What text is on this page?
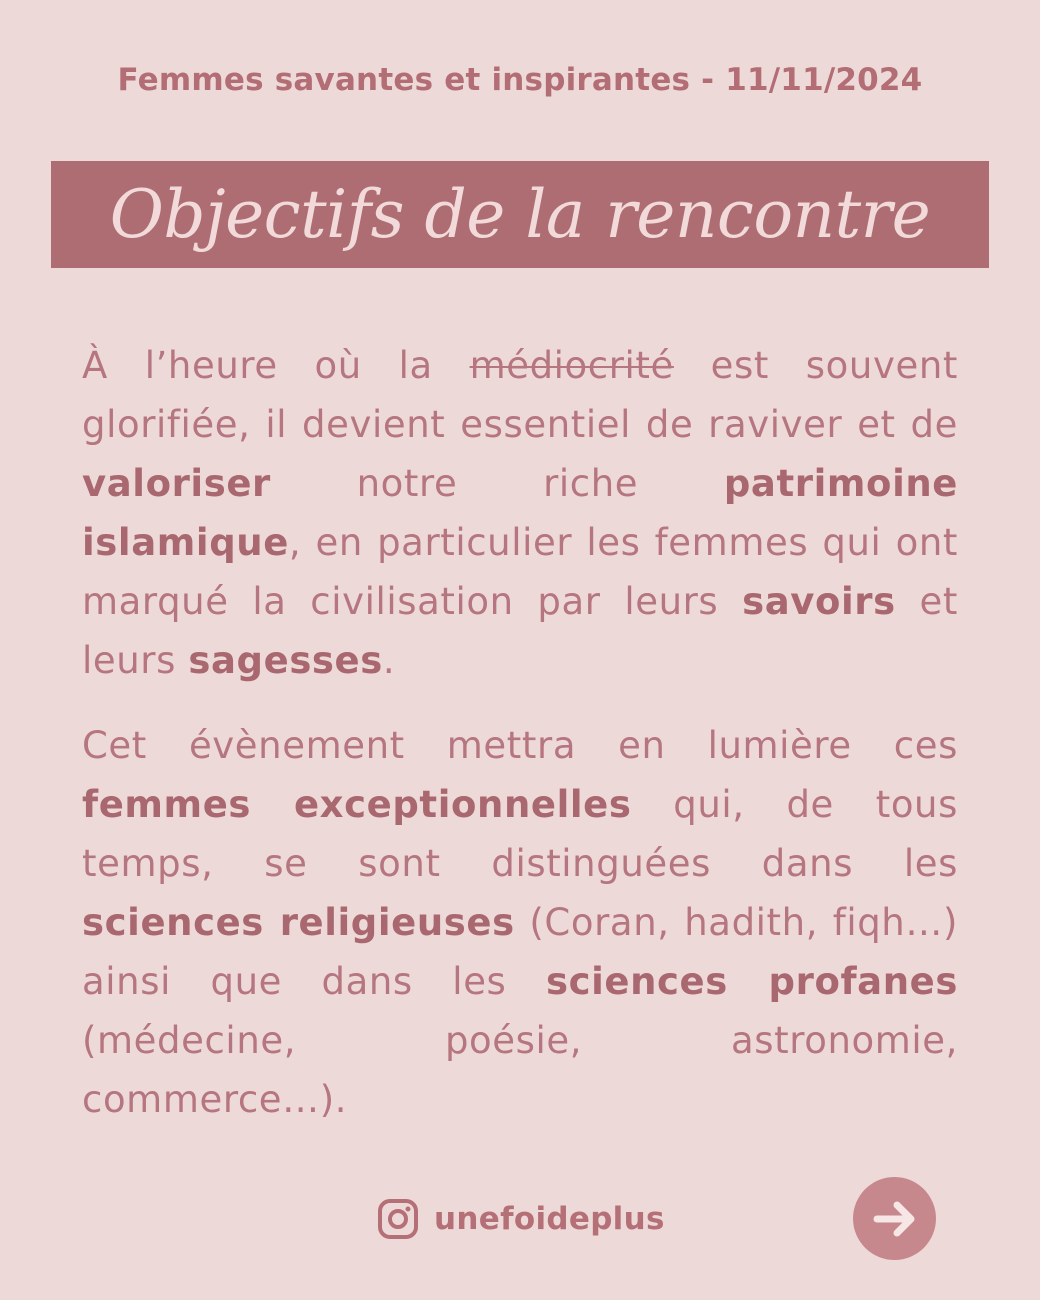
Femmes savantes et inspirantes - 11/11/2024
Objectifs de la rencontre

À l’heure où la médiocrité est souvent glorifiée, il devient essentiel de raviver et de valoriser notre riche patrimoine islamique, en particulier les femmes qui ont marqué la civilisation par leurs savoirs et leurs sagesses.

Cet évènement mettra en lumière ces femmes exceptionnelles qui, de tous temps, se sont distinguées dans les sciences religieuses (Coran, hadith, fiqh…) ainsi que dans les sciences profanes (médecine, poésie, astronomie, commerce…).

unefoideplus
